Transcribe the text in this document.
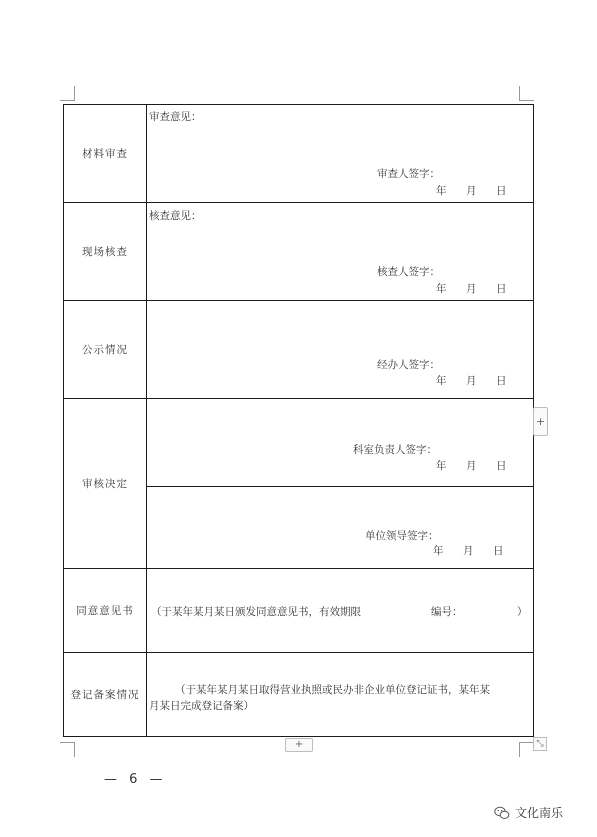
材料审查	审查意见：
审查人签字：
年 月 日

现场核查	核查意见：
核查人签字：
年 月 日

公示情况	经办人签字：
年 月 日

审核决定	科室负责人签字：
年 月 日

	单位领导签字：
年 月 日

同意意见书	（于某年某月某日颁发同意意见书，有效期限 编号： ）

登记备案情况	（于某年某月某日取得营业执照或民办非企业单位登记证书，某年某
月某日完成登记备案）
+
+	⤡
— 6 —
文化南乐
